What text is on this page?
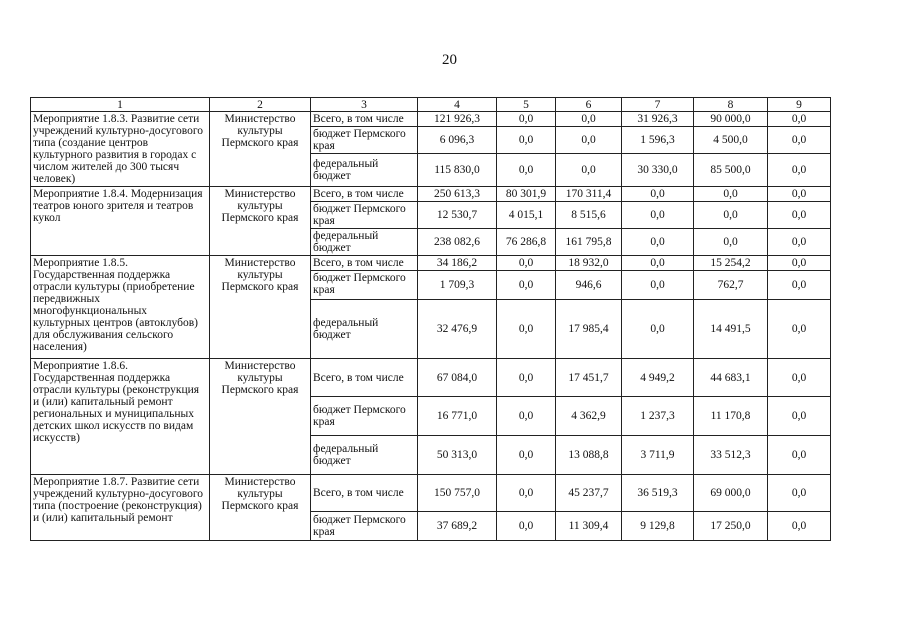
20
1	2	3	4	5	6	7	8	9
Мероприятие 1.8.3. Развитие сети учреждений культурно-досугового типа (создание центров культурного развития в городах с числом жителей до 300 тысяч человек)	Министерство культуры Пермского края	Всего, в том числе	121 926,3	0,0	0,0	31 926,3	90 000,0	0,0
		бюджет Пермского края	6 096,3	0,0	0,0	1 596,3	4 500,0	0,0
		федеральный бюджет	115 830,0	0,0	0,0	30 330,0	85 500,0	0,0
Мероприятие 1.8.4. Модернизация театров юного зрителя и театров кукол	Министерство культуры Пермского края	Всего, в том числе	250 613,3	80 301,9	170 311,4	0,0	0,0	0,0
		бюджет Пермского края	12 530,7	4 015,1	8 515,6	0,0	0,0	0,0
		федеральный бюджет	238 082,6	76 286,8	161 795,8	0,0	0,0	0,0
Мероприятие 1.8.5. Государственная поддержка отрасли культуры (приобретение передвижных многофункциональных культурных центров (автоклубов) для обслуживания сельского населения)	Министерство культуры Пермского края	Всего, в том числе	34 186,2	0,0	18 932,0	0,0	15 254,2	0,0
		бюджет Пермского края	1 709,3	0,0	946,6	0,0	762,7	0,0
		федеральный бюджет	32 476,9	0,0	17 985,4	0,0	14 491,5	0,0
Мероприятие 1.8.6. Государственная поддержка отрасли культуры (реконструкция и (или) капитальный ремонт региональных и муниципальных детских школ искусств по видам искусств)	Министерство культуры Пермского края	Всего, в том числе	67 084,0	0,0	17 451,7	4 949,2	44 683,1	0,0
		бюджет Пермского края	16 771,0	0,0	4 362,9	1 237,3	11 170,8	0,0
		федеральный бюджет	50 313,0	0,0	13 088,8	3 711,9	33 512,3	0,0
Мероприятие 1.8.7. Развитие сети учреждений культурно-досугового типа (построение (реконструкция) и (или) капитальный ремонт	Министерство культуры Пермского края	Всего, в том числе	150 757,0	0,0	45 237,7	36 519,3	69 000,0	0,0
		бюджет Пермского края	37 689,2	0,0	11 309,4	9 129,8	17 250,0	0,0
